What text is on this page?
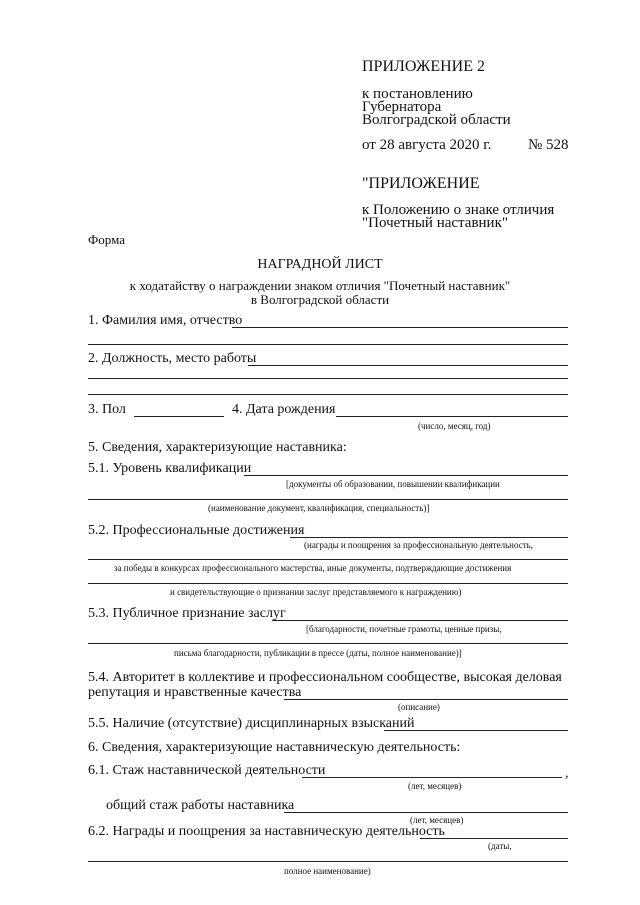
ПРИЛОЖЕНИЕ 2
к постановлению
Губернатора
Волгоградской области
от 28 августа 2020 г. № 528
"ПРИЛОЖЕНИЕ
к Положению о знаке отличия
"Почетный наставник"
Форма
НАГРАДНОЙ ЛИСТ
к ходатайству о награждении знаком отличия "Почетный наставник"
в Волгоградской области
1. Фамилия имя, отчество
2. Должность, место работы
3. Пол	4. Дата рождения
(число, месяц, год)
5. Сведения, характеризующие наставника:
5.1. Уровень квалификации
[документы об образовании, повышении квалификации
(наименование документ, квалификация, специальность)]
5.2. Профессиональные достижения
(награды и поощрения за профессиональную деятельность,
за победы в конкурсах профессионального мастерства, иные документы, подтверждающие достижения
и свидетельствующие о признании заслуг представляемого к награждению)
5.3. Публичное признание заслуг
[благодарности, почетные грамоты, ценные призы,
письма благодарности, публикации в прессе (даты, полное наименование)]
5.4. Авторитет в коллективе и профессиональном сообществе, высокая деловая
репутация и нравственные качества
(описание)
5.5. Наличие (отсутствие) дисциплинарных взысканий
6. Сведения, характеризующие наставническую деятельность:
6.1. Стаж наставнической деятельности	,
(лет, месяцев)
общий стаж работы наставника
(лет, месяцев)
6.2. Награды и поощрения за наставническую деятельность
(даты,
полное наименование)
